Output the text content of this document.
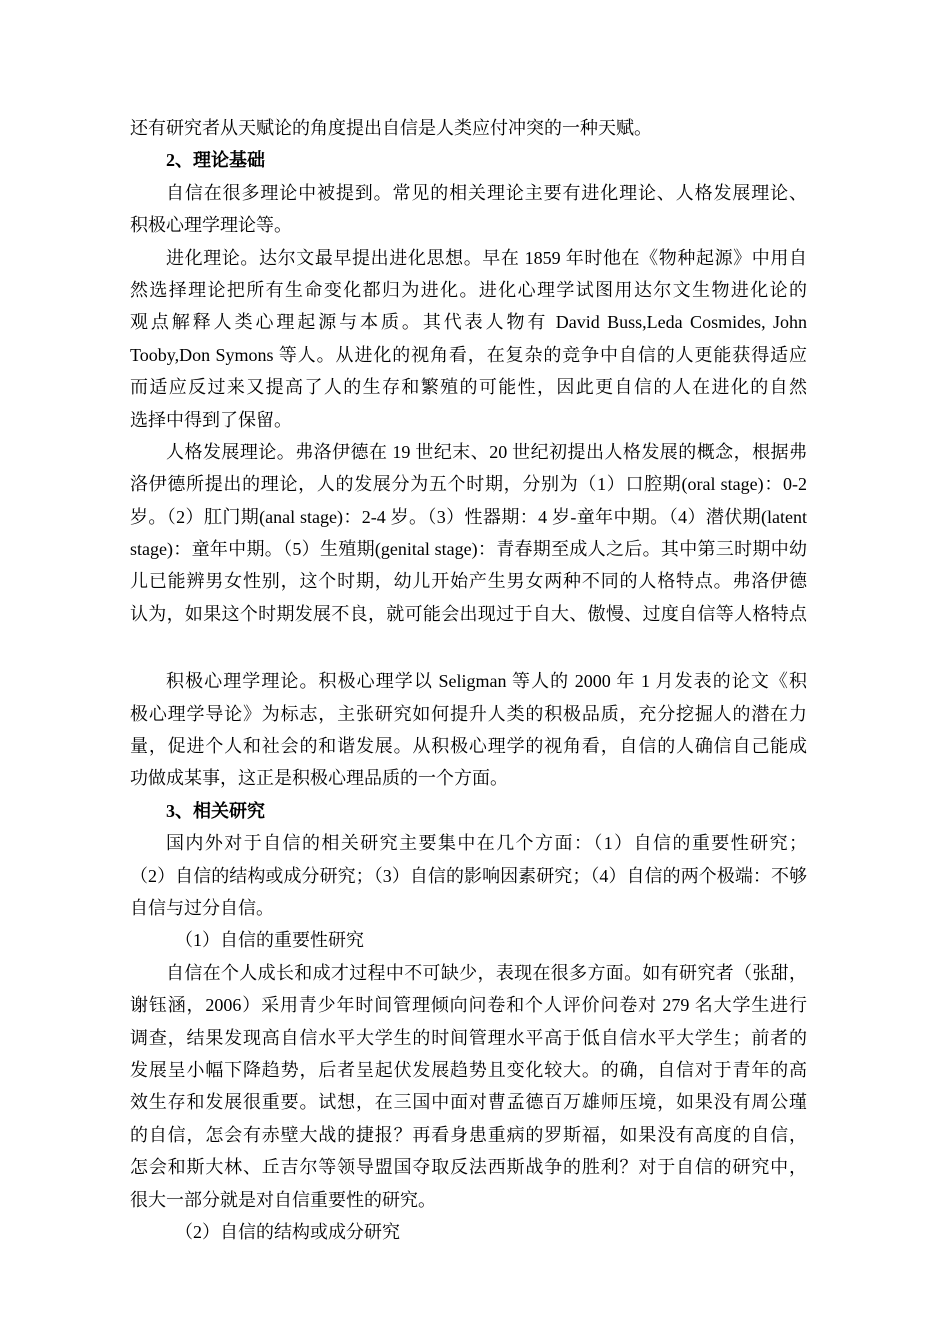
还有研究者从天赋论的角度提出自信是人类应付冲突的一种天赋。
2、理论基础
自信在很多理论中被提到。常见的相关理论主要有进化理论、人格发展理论、
积极心理学理论等。
进化理论。达尔文最早提出进化思想。早在 1859 年时他在《物种起源》中用自
然选择理论把所有生命变化都归为进化。进化心理学试图用达尔文生物进化论的
观点解释人类心理起源与本质。其代表人物有 David Buss,Leda Cosmides, John
Tooby,Don Symons 等人。从进化的视角看，在复杂的竞争中自信的人更能获得适应
而适应反过来又提高了人的生存和繁殖的可能性，因此更自信的人在进化的自然
选择中得到了保留。
人格发展理论。弗洛伊德在 19 世纪末、20 世纪初提出人格发展的概念，根据弗
洛伊德所提出的理论，人的发展分为五个时期，分别为（1）口腔期(oral stage)：0-2
岁。（2）肛门期(anal stage)：2-4 岁。（3）性器期：4 岁-童年中期。（4）潜伏期(latent
stage)：童年中期。（5）生殖期(genital stage)：青春期至成人之后。其中第三时期中幼
儿已能辨男女性别，这个时期，幼儿开始产生男女两种不同的人格特点。弗洛伊德
认为，如果这个时期发展不良，就可能会出现过于自大、傲慢、过度自信等人格特点
积极心理学理论。积极心理学以 Seligman 等人的 2000 年 1 月发表的论文《积
极心理学导论》为标志，主张研究如何提升人类的积极品质，充分挖掘人的潜在力
量，促进个人和社会的和谐发展。从积极心理学的视角看，自信的人确信自己能成
功做成某事，这正是积极心理品质的一个方面。
3、相关研究
国内外对于自信的相关研究主要集中在几个方面：（1）自信的重要性研究；
（2）自信的结构或成分研究；（3）自信的影响因素研究；（4）自信的两个极端：不够
自信与过分自信。
（1）自信的重要性研究
自信在个人成长和成才过程中不可缺少，表现在很多方面。如有研究者（张甜，
谢钰涵，2006）采用青少年时间管理倾向问卷和个人评价问卷对 279 名大学生进行
调查，结果发现高自信水平大学生的时间管理水平高于低自信水平大学生；前者的
发展呈小幅下降趋势，后者呈起伏发展趋势且变化较大。的确，自信对于青年的高
效生存和发展很重要。试想，在三国中面对曹孟德百万雄师压境，如果没有周公瑾
的自信，怎会有赤壁大战的捷报？再看身患重病的罗斯福，如果没有高度的自信，
怎会和斯大林、丘吉尔等领导盟国夺取反法西斯战争的胜利？对于自信的研究中，
很大一部分就是对自信重要性的研究。
（2）自信的结构或成分研究
